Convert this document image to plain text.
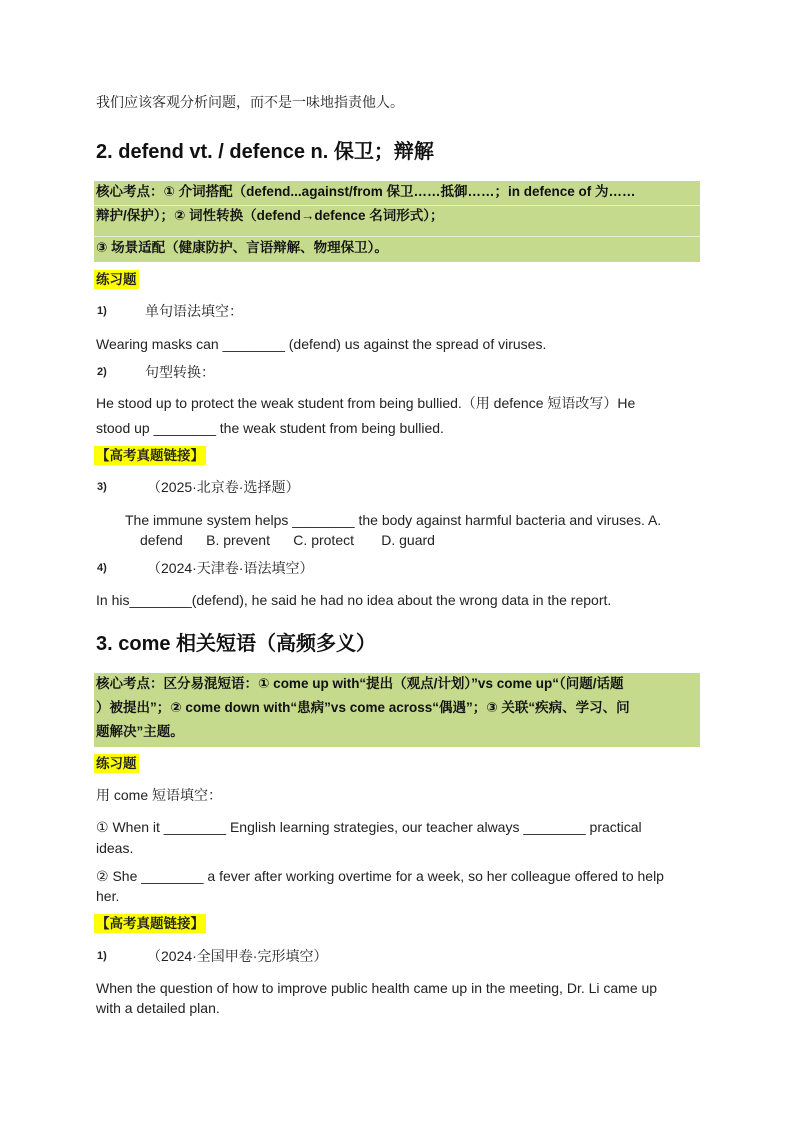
我们应该客观分析问题，而不是一味地指责他人。
2. defend vt. / defence n. 保卫；辩解
核心考点：① 介词搭配（defend...against/from 保卫……抵御……；in defence of 为……
辩护/保护）；② 词性转换（defend→defence 名词形式）；
③ 场景适配（健康防护、言语辩解、物理保卫）。
练习题
1)	单句语法填空：
Wearing masks can ________ (defend) us against the spread of viruses.
2)	句型转换：
He stood up to protect the weak student from being bullied.（用 defence 短语改写）He
stood up ________ the weak student from being bullied.
【高考真题链接】
3)	（2025·北京卷·选择题）
The immune system helps ________ the body against harmful bacteria and viruses. A.
defend      B. prevent      C. protect       D. guard
4)	（2024·天津卷·语法填空）
In his________(defend), he said he had no idea about the wrong data in the report.
3. come 相关短语（高频多义）
核心考点：区分易混短语：① come up with“提出（观点/计划）”vs come up“（问题/话题
）被提出”；② come down with“患病”vs come across“偶遇”；③ 关联“疾病、学习、问
题解决”主题。
练习题
用 come 短语填空：
① When it ________ English learning strategies, our teacher always ________ practical
ideas.
② She ________ a fever after working overtime for a week, so her colleague offered to help
her.
【高考真题链接】
1)	（2024·全国甲卷·完形填空）
When the question of how to improve public health came up in the meeting, Dr. Li came up
with a detailed plan.
